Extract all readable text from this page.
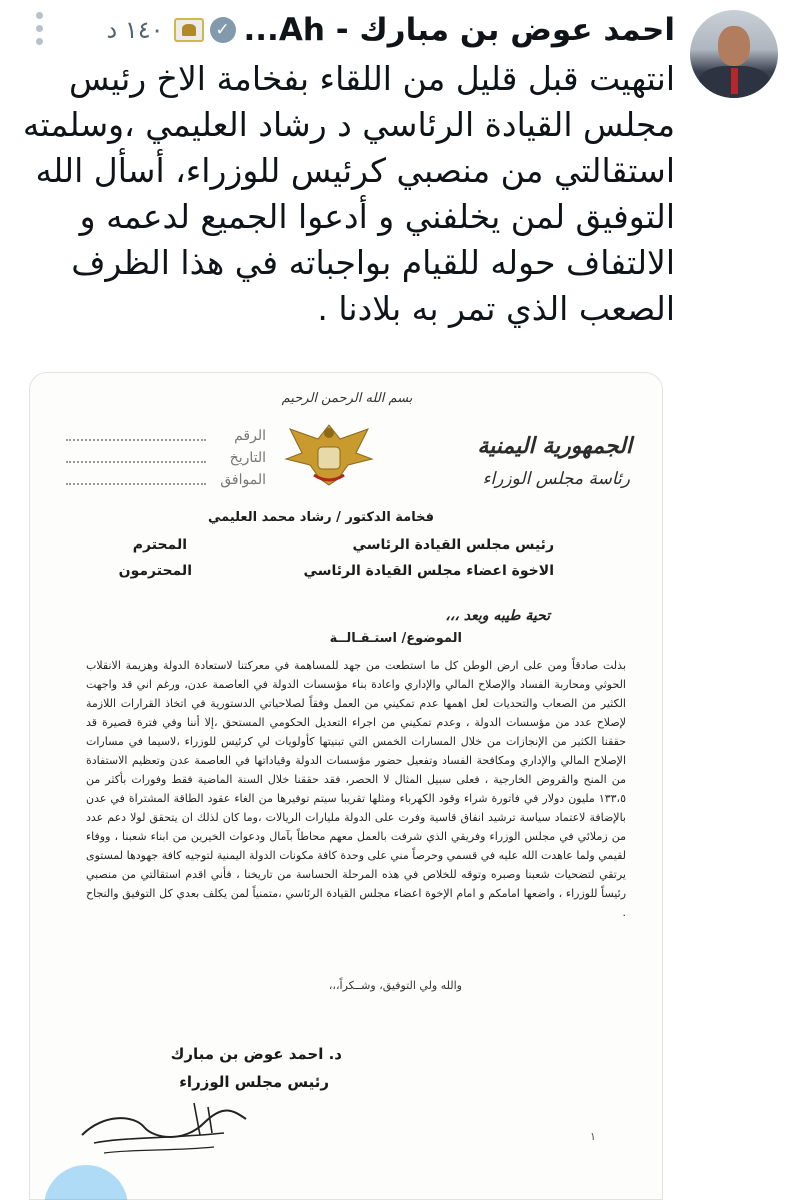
احمد عوض بن مبارك - Ah...
✓
١٤٠ د
انتهيت قبل قليل من اللقاء بفخامة الاخ رئيس مجلس القيادة الرئاسي د رشاد العليمي ،وسلمته استقالتي من منصبي كرئيس للوزراء، أسأل الله التوفيق لمن يخلفني و أدعوا الجميع لدعمه و الالتفاف حوله للقيام بواجباته في هذا الظرف الصعب الذي تمر به بلادنا .
بسم الله الرحمن الرحيم
الجمهورية اليمنية
رئاسة مجلس الوزراء
الرقم
التاريخ
الموافق
فخامة الدكتور / رشاد محمد العليمي
رئيس مجلس القيادة الرئاسي
المحترم
الاخوة اعضاء مجلس القيادة الرئاسي
المحترمون
تحية طيبه وبعد ،،،
الموضوع/ استـقـالــة
بذلت صادقاً ومن على ارض الوطن كل ما استطعت من جهد للمساهمة في معركتنا لاستعادة الدولة وهزيمة الانقلاب الحوثي ومحاربة الفساد والإصلاح المالي والإداري واعادة بناء مؤسسات الدولة في العاصمة عدن، ورغم اني قد واجهت الكثير من الصعاب والتحديات لعل اهمها عدم تمكيني من العمل وفقاً لصلاحياتي الدستورية في اتخاذ القرارات اللازمة لإصلاح عدد من مؤسسات الدولة ، وعدم تمكيني من اجراء التعديل الحكومي المستحق ،إلا أننا وفي فترة قصيرة قد حققنا الكثير من الإنجازات من خلال المسارات الخمس التي تبنيتها كأولويات لي كرئيس للوزراء ،لاسيما في مسارات الإصلاح المالي والإداري ومكافحة الفساد وتفعيل حضور مؤسسات الدولة وقياداتها في العاصمة عدن وتعظيم الاستفادة من المنح والقروض الخارجية ، فعلى سبيل المثال لا الحصر، فقد حققنا خلال السنة الماضية فقط وفورات بأكثر من ١٣٣،٥ مليون دولار في فاتورة شراء وقود الكهرباء ومثلها تقريبا سيتم توفيرها من الغاء عقود الطاقة المشتراة في عدن بالإضافة لاعتماد سياسة ترشيد انفاق قاسية وفرت على الدولة مليارات الريالات ،وما كان لذلك ان يتحقق لولا دعم عدد من زملائي في مجلس الوزراء وفريقي الذي شرفت بالعمل معهم محاطاً بآمال ودعوات الخيرين من ابناء شعبنا ، ووفاء لقيمي ولما عاهدت الله عليه في قسمي وحرصاً مني على وحدة كافة مكونات الدولة اليمنية لتوجيه كافة جهودها لمستوى يرتقي لتضحيات شعبنا وصبره وتوقه للخلاص في هذه المرحلة الحساسة من تاريخنا ، فأني اقدم استقالتي من منصبي رئيساً للوزراء ، واضعها امامكم و امام الإخوة اعضاء مجلس القيادة الرئاسي ،متمنياً لمن يكلف بعدي كل التوفيق والنجاح .
والله ولي التوفيق، وشــكراً،،،
د. احمد عوض بن مبارك
رئيس مجلس الوزراء
١
